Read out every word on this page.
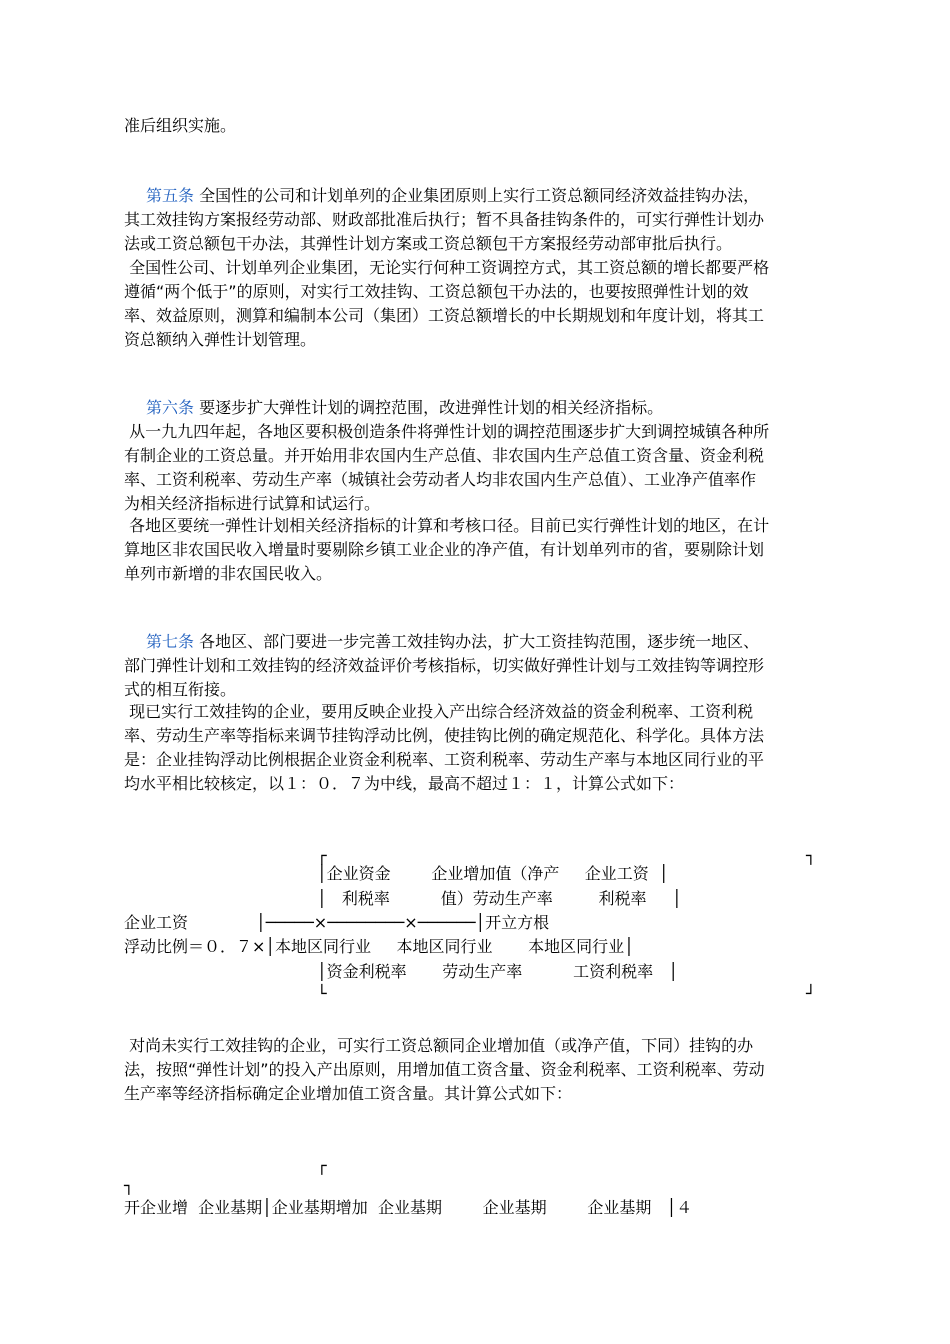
准后组织实施。

第五条 全国性的公司和计划单列的企业集团原则上实行工资总额同经济效益挂钩办法，

其工效挂钩方案报经劳动部、财政部批准后执行；暂不具备挂钩条件的，可实行弹性计划办

法或工资总额包干办法，其弹性计划方案或工资总额包干方案报经劳动部审批后执行。

全国性公司、计划单列企业集团，无论实行何种工资调控方式，其工资总额的增长都要严格

遵循“两个低于”的原则，对实行工效挂钩、工资总额包干办法的，也要按照弹性计划的效

率、效益原则，测算和编制本公司（集团）工资总额增长的中长期规划和年度计划，将其工

资总额纳入弹性计划管理。

第六条 要逐步扩大弹性计划的调控范围，改进弹性计划的相关经济指标。

从一九九四年起，各地区要积极创造条件将弹性计划的调控范围逐步扩大到调控城镇各种所

有制企业的工资总量。并开始用非农国内生产总值、非农国内生产总值工资含量、资金利税

率、工资利税率、劳动生产率（城镇社会劳动者人均非农国内生产总值）、工业净产值率作

为相关经济指标进行试算和试运行。

各地区要统一弹性计划相关经济指标的计算和考核口径。目前已实行弹性计划的地区，在计

算地区非农国民收入增量时要剔除乡镇工业企业的净产值，有计划单列市的省，要剔除计划

单列市新增的非农国民收入。

第七条 各地区、部门要进一步完善工效挂钩办法，扩大工资挂钩范围，逐步统一地区、

部门弹性计划和工效挂钩的经济效益评价考核指标，切实做好弹性计划与工效挂钩等调控形

式的相互衔接。

现已实行工效挂钩的企业，要用反映企业投入产出综合经济效益的资金利税率、工资利税

率、劳动生产率等指标来调节挂钩浮动比例，使挂钩比例的确定规范化、科学化。具体方法

是：企业挂钩浮动比例根据企业资金利税率、工资利税率、劳动生产率与本地区同行业的平

均水平相比较核定，以１：０．７为中线，最高不超过１：１，计算公式如下：

┌	┐
│企业资金        企业增加值（净产     企业工资  │
│   利税率          值）劳动生产率         利税率     │
企业工资	│─────×────────×──────│开立方根
浮动比例＝０．７×│本地区同行业     本地区同行业       本地区同行业│
│资金利税率       劳动生产率          工资利税率   │
└	┘

对尚未实行工效挂钩的企业，可实行工资总额同企业增加值（或净产值，下同）挂钩的办

法，按照“弹性计划”的投入产出原则，用增加值工资含量、资金利税率、工资利税率、劳动

生产率等经济指标确定企业增加值工资含量。其计算公式如下：

┌
┐
开企业增  企业基期│企业基期增加  企业基期        企业基期        企业基期   │４
